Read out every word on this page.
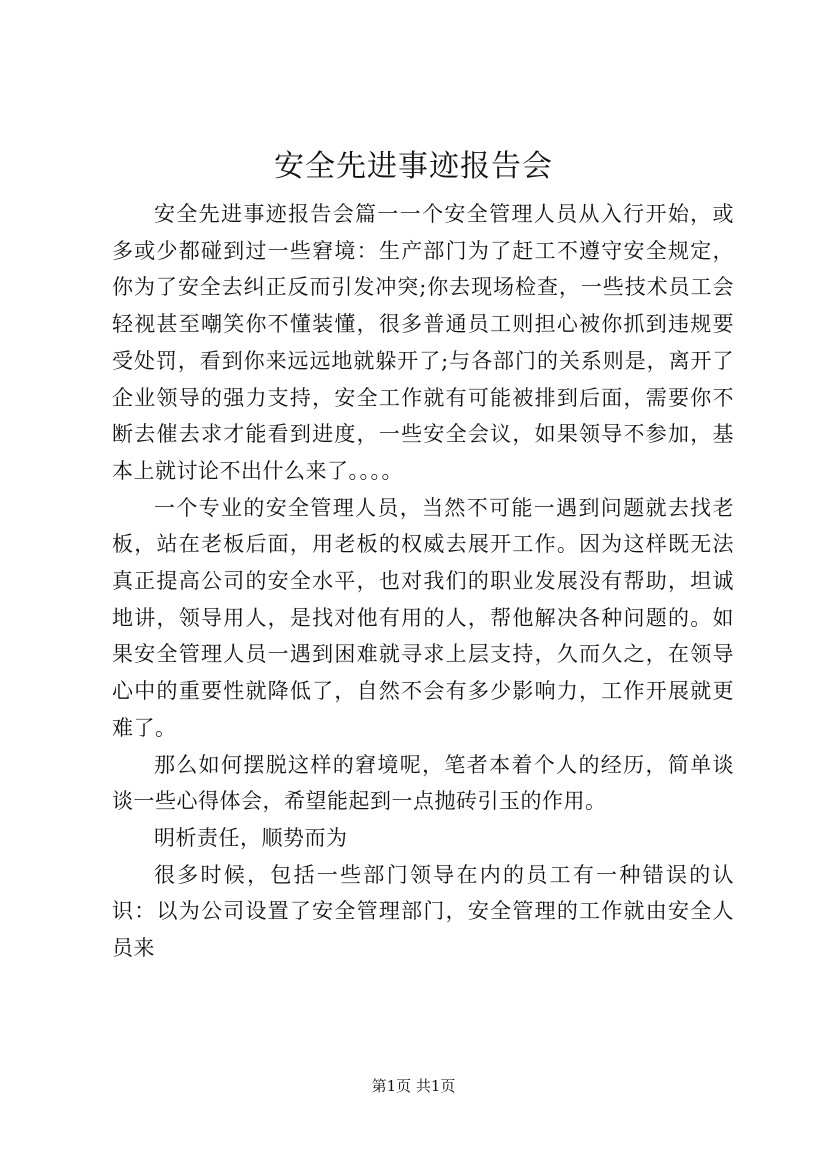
安全先进事迹报告会

安全先进事迹报告会篇一一个安全管理人员从入行开始，或多或少都碰到过一些窘境：生产部门为了赶工不遵守安全规定，你为了安全去纠正反而引发冲突;你去现场检查，一些技术员工会轻视甚至嘲笑你不懂装懂，很多普通员工则担心被你抓到违规要受处罚，看到你来远远地就躲开了;与各部门的关系则是，离开了企业领导的强力支持，安全工作就有可能被排到后面，需要你不断去催去求才能看到进度，一些安全会议，如果领导不参加，基本上就讨论不出什么来了。。。。

一个专业的安全管理人员，当然不可能一遇到问题就去找老板，站在老板后面，用老板的权威去展开工作。因为这样既无法真正提高公司的安全水平，也对我们的职业发展没有帮助，坦诚地讲，领导用人，是找对他有用的人，帮他解决各种问题的。如果安全管理人员一遇到困难就寻求上层支持，久而久之，在领导心中的重要性就降低了，自然不会有多少影响力，工作开展就更难了。

那么如何摆脱这样的窘境呢，笔者本着个人的经历，简单谈谈一些心得体会，希望能起到一点抛砖引玉的作用。

明析责任，顺势而为

很多时候，包括一些部门领导在内的员工有一种错误的认识：以为公司设置了安全管理部门，安全管理的工作就由安全人员来

第1页 共1页
